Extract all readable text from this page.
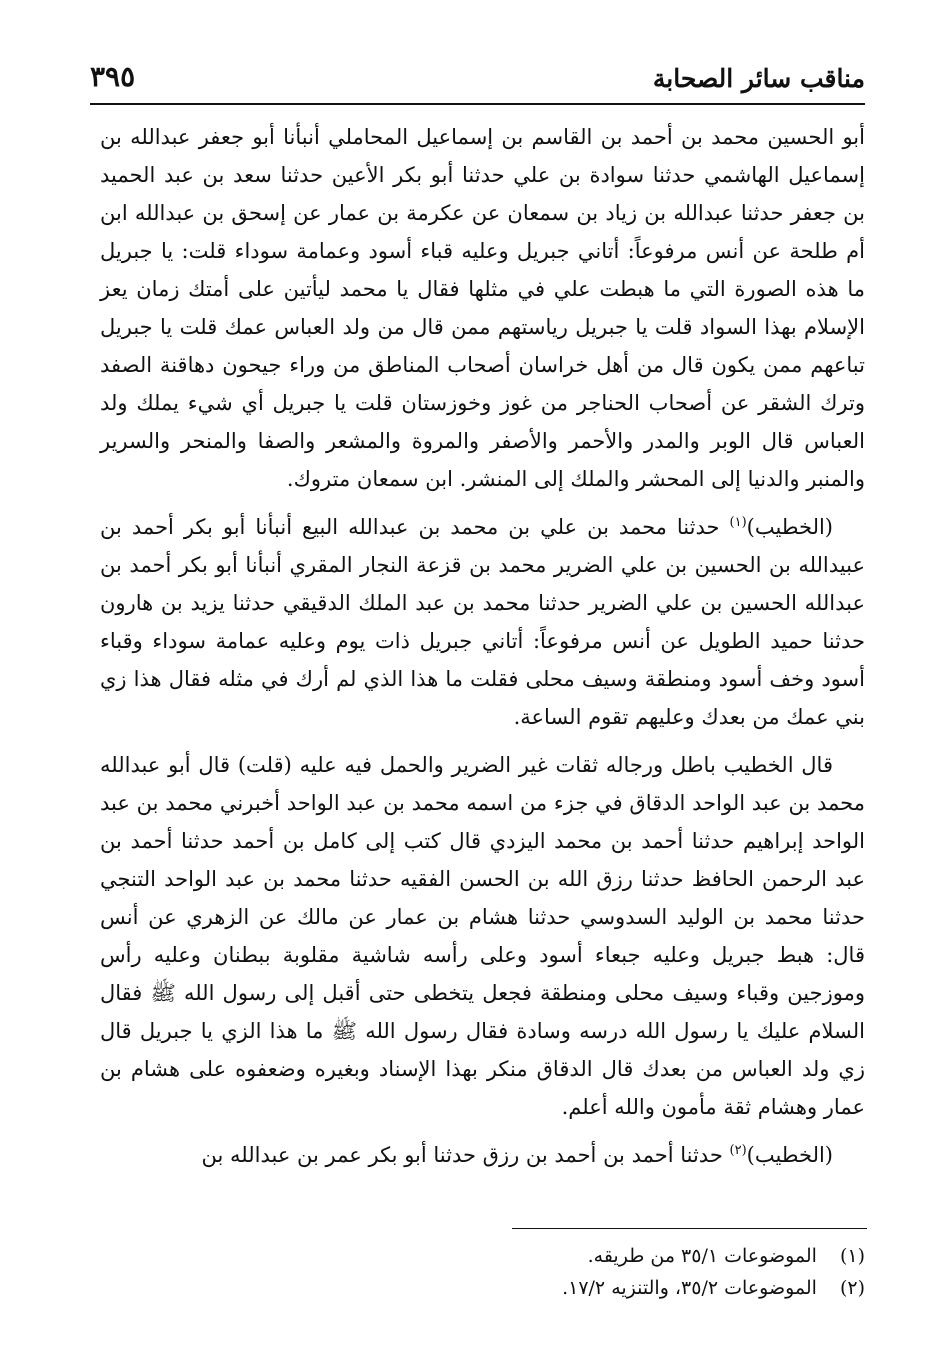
مناقب سائر الصحابة
٣٩٥

أبو الحسين محمد بن أحمد بن القاسم بن إسماعيل المحاملي أنبأنا أبو جعفر عبدالله بن إسماعيل الهاشمي حدثنا سوادة بن علي حدثنا أبو بكر الأعين حدثنا سعد بن عبد الحميد بن جعفر حدثنا عبدالله بن زياد بن سمعان عن عكرمة بن عمار عن إسحق بن عبدالله ابن أم طلحة عن أنس مرفوعاً: أتاني جبريل وعليه قباء أسود وعمامة سوداء قلت: يا جبريل ما هذه الصورة التي ما هبطت علي في مثلها فقال يا محمد ليأتين على أمتك زمان يعز الإسلام بهذا السواد قلت يا جبريل رياستهم ممن قال من ولد العباس عمك قلت يا جبريل تباعهم ممن يكون قال من أهل خراسان أصحاب المناطق من وراء جيحون دهاقنة الصفد وترك الشقر عن أصحاب الحناجر من غوز وخوزستان قلت يا جبريل أي شيء يملك ولد العباس قال الوبر والمدر والأحمر والأصفر والمروة والمشعر والصفا والمنحر والسرير والمنبر والدنيا إلى المحشر والملك إلى المنشر. ابن سمعان متروك.

(الخطيب)$^{(١)}$ حدثنا محمد بن علي بن محمد بن عبدالله البيع أنبأنا أبو بكر أحمد بن عبيدالله بن الحسين بن علي الضرير محمد بن قزعة النجار المقري أنبأنا أبو بكر أحمد بن عبدالله الحسين بن علي الضرير حدثنا محمد بن عبد الملك الدقيقي حدثنا يزيد بن هارون حدثنا حميد الطويل عن أنس مرفوعاً: أتاني جبريل ذات يوم وعليه عمامة سوداء وقباء أسود وخف أسود ومنطقة وسيف محلى فقلت ما هذا الذي لم أرك في مثله فقال هذا زي بني عمك من بعدك وعليهم تقوم الساعة.

قال الخطيب باطل ورجاله ثقات غير الضرير والحمل فيه عليه (قلت) قال أبو عبدالله محمد بن عبد الواحد الدقاق في جزء من اسمه محمد بن عبد الواحد أخبرني محمد بن عبد الواحد إبراهيم حدثنا أحمد بن محمد اليزدي قال كتب إلى كامل بن أحمد حدثنا أحمد بن عبد الرحمن الحافظ حدثنا رزق الله بن الحسن الفقيه حدثنا محمد بن عبد الواحد التنجي حدثنا محمد بن الوليد السدوسي حدثنا هشام بن عمار عن مالك عن الزهري عن أنس قال: هبط جبريل وعليه جبعاء أسود وعلى رأسه شاشية مقلوبة ببطنان وعليه رأس وموزجين وقباء وسيف محلى ومنطقة فجعل يتخطى حتى أقبل إلى رسول الله ﷺ فقال السلام عليك يا رسول الله درسه وسادة فقال رسول الله ﷺ ما هذا الزي يا جبريل قال زي ولد العباس من بعدك قال الدقاق منكر بهذا الإسناد وبغيره وضعفوه على هشام بن عمار وهشام ثقة مأمون والله أعلم.

(الخطيب)$^{(٢)}$ حدثنا أحمد بن أحمد بن رزق حدثنا أبو بكر عمر بن عبدالله بن

(١) الموضوعات ٣٥/١ من طريقه.
(٢) الموضوعات ٣٥/٢، والتنزيه ١٧/٢.
